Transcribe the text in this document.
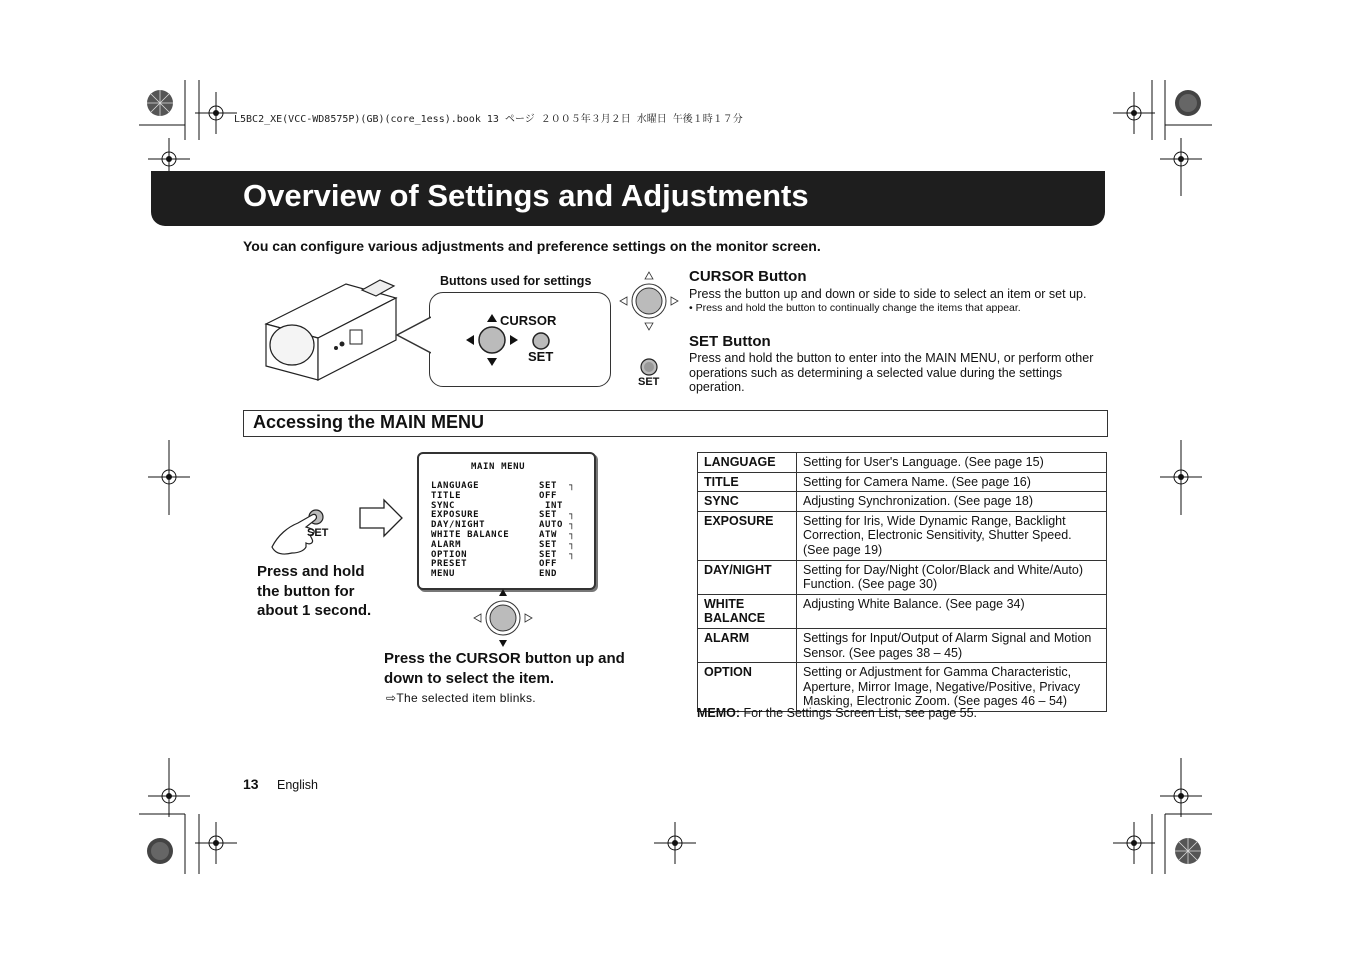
L5BC2_XE(VCC-WD8575P)(GB)(core_1ess).book 13 ページ ２００５年３月２日 水曜日 午後１時１７分
Overview of Settings and Adjustments
You can configure various adjustments and preference settings on the monitor screen.
Buttons used for settings
CURSOR
SET
SET
CURSOR Button
Press the button up and down or side to side to select an item or set up.
• Press and hold the button to continually change the items that appear.
SET Button
Press and hold the button to enter into the MAIN MENU, or perform other operations such as determining a selected value during the settings operation.
Accessing the MAIN MENU
SET
Press and hold the button for about 1 second.
MAIN MENU
LANGUAGE	SET  ┐
TITLE	OFF
SYNC	INT
EXPOSURE	SET  ┐
DAY/NIGHT	AUTO ┐
WHITE BALANCE	ATW  ┐
ALARM	SET  ┐
OPTION	SET  ┐
PRESET	OFF
MENU	END
Press the CURSOR button up and down to select the item.
⇨The selected item blinks.
LANGUAGE	Setting for User's Language. (See page 15)
TITLE	Setting for Camera Name. (See page 16)
SYNC	Adjusting Synchronization. (See page 18)
EXPOSURE	Setting for Iris, Wide Dynamic Range, Backlight Correction, Electronic Sensitivity, Shutter Speed. (See page 19)
DAY/NIGHT	Setting for Day/Night (Color/Black and White/Auto) Function. (See page 30)
WHITE BALANCE	Adjusting White Balance. (See page 34)
ALARM	Settings for Input/Output of Alarm Signal and Motion Sensor. (See pages 38 – 45)
OPTION	Setting or Adjustment for Gamma Characteristic, Aperture, Mirror Image, Negative/Positive, Privacy Masking, Electronic Zoom. (See pages 46 – 54)
MEMO: For the Settings Screen List, see page 55.
13 English
